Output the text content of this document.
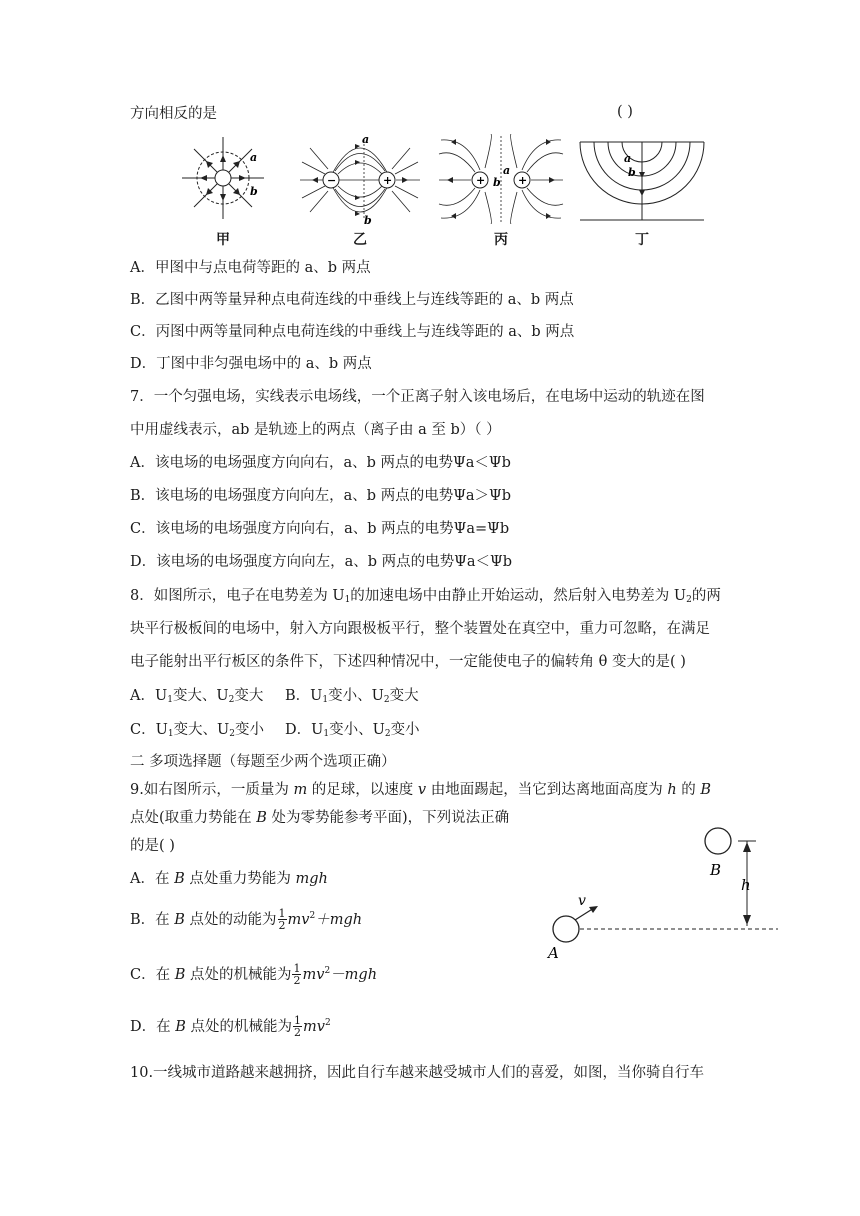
方向相反的是	( )
a
b
甲
−	+
a
b
乙
+	+
a
b
丙
a
b
丁
A．甲图中与点电荷等距的 a、b 两点
B．乙图中两等量异种点电荷连线的中垂线上与连线等距的 a、b 两点
C．丙图中两等量同种点电荷连线的中垂线上与连线等距的 a、b 两点
D．丁图中非匀强电场中的 a、b 两点
7．一个匀强电场，实线表示电场线，一个正离子射入该电场后，在电场中运动的轨迹在图
中用虚线表示，ab 是轨迹上的两点（离子由 a 至 b）（ ）
A．该电场的电场强度方向向右，a、b 两点的电势Ψa＜Ψb
B．该电场的电场强度方向向左，a、b 两点的电势Ψa＞Ψb
C．该电场的电场强度方向向右，a、b 两点的电势Ψa=Ψb
D．该电场的电场强度方向向左，a、b 两点的电势Ψa＜Ψb
8．如图所示，电子在电势差为 $U_1$的加速电场中由静止开始运动，然后射入电势差为 $U_2$的两
块平行极板间的电场中，射入方向跟极板平行，整个装置处在真空中，重力可忽略，在满足
电子能射出平行板区的条件下，下述四种情况中，一定能使电子的偏转角 θ 变大的是( )
A．$U_1$变大、$U_2$变大 B．$U_1$变小、$U_2$变大
C．$U_1$变大、$U_2$变小 D．$U_1$变小、$U_2$变小
二 多项选择题（每题至少两个选项正确）
9.如右图所示，一质量为 m 的足球，以速度 v 由地面踢起，当它到达离地面高度为 h 的 B
点处(取重力势能在 B 处为零势能参考平面)，下列说法正确
的是( )
A．在 B 点处重力势能为 mgh
B．在 B 点处的动能为 $\frac{1}{2} mv^2+mgh$
C．在 B 点处的机械能为 $\frac{1}{2} mv^2-mgh$
D．在 B 点处的机械能为 $\frac{1}{2} mv^2$
B
h
A
v
10.一线城市道路越来越拥挤，因此自行车越来越受城市人们的喜爱，如图，当你骑自行车
